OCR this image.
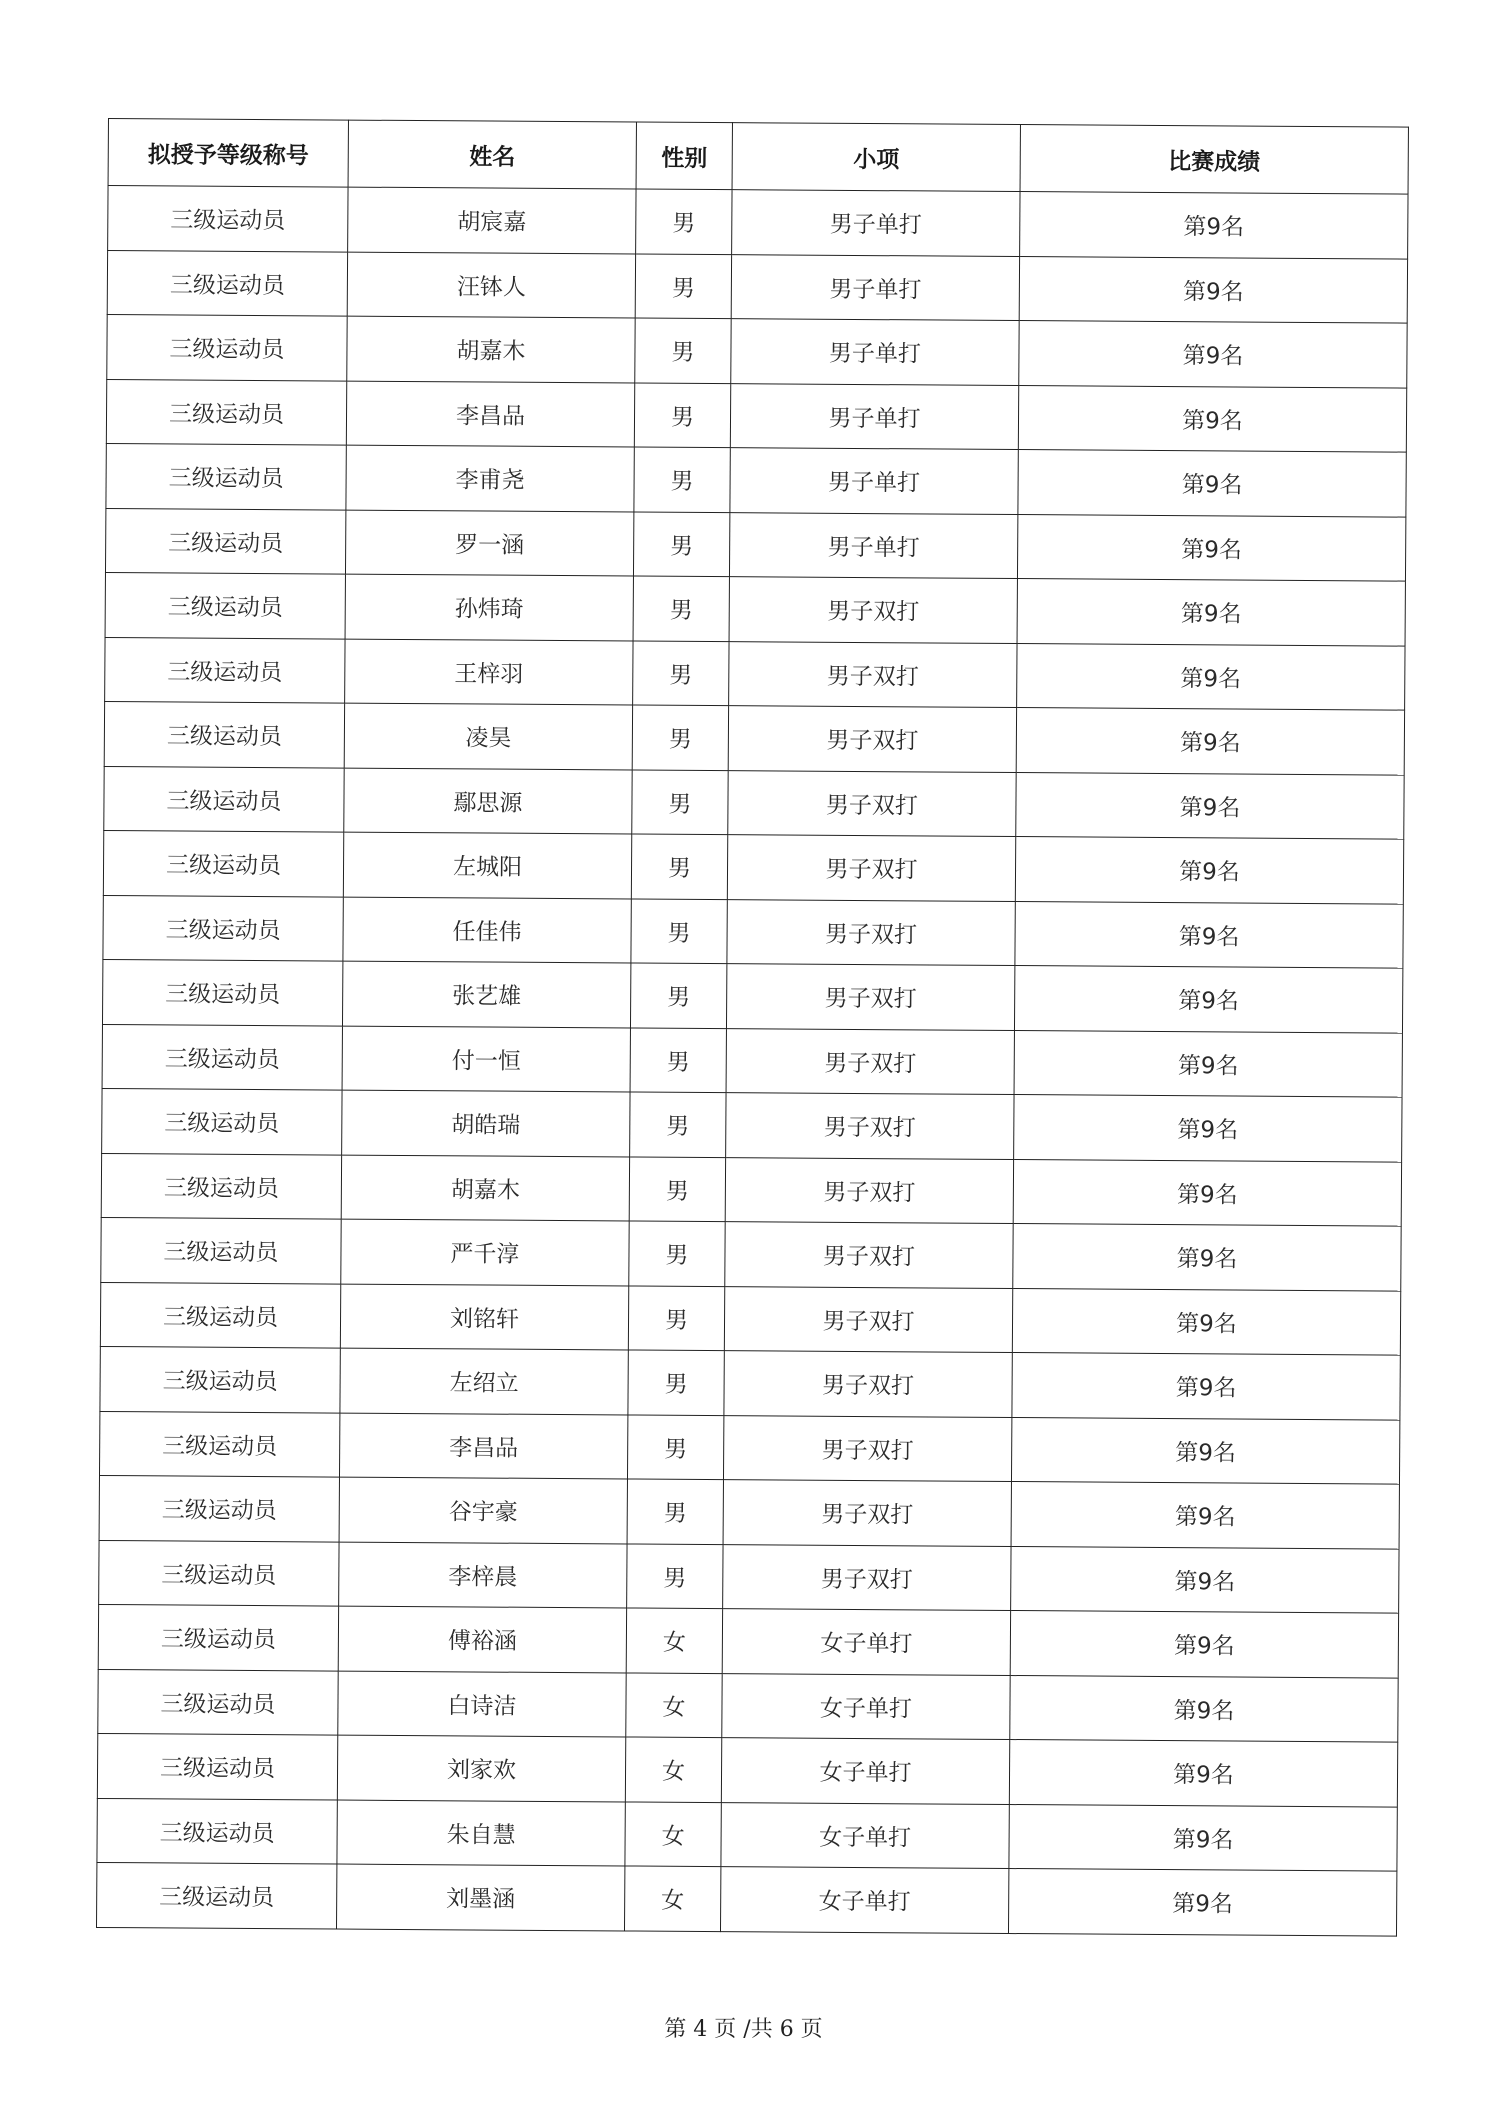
拟授予等级称号	姓名	性别	小项	比赛成绩
三级运动员	胡宸嘉	男	男子单打	第9名
三级运动员	汪钵人	男	男子单打	第9名
三级运动员	胡嘉木	男	男子单打	第9名
三级运动员	李昌品	男	男子单打	第9名
三级运动员	李甫尧	男	男子单打	第9名
三级运动员	罗一涵	男	男子单打	第9名
三级运动员	孙炜琦	男	男子双打	第9名
三级运动员	王梓羽	男	男子双打	第9名
三级运动员	凌昊	男	男子双打	第9名
三级运动员	鄢思源	男	男子双打	第9名
三级运动员	左城阳	男	男子双打	第9名
三级运动员	任佳伟	男	男子双打	第9名
三级运动员	张艺雄	男	男子双打	第9名
三级运动员	付一恒	男	男子双打	第9名
三级运动员	胡皓瑞	男	男子双打	第9名
三级运动员	胡嘉木	男	男子双打	第9名
三级运动员	严千淳	男	男子双打	第9名
三级运动员	刘铭轩	男	男子双打	第9名
三级运动员	左绍立	男	男子双打	第9名
三级运动员	李昌品	男	男子双打	第9名
三级运动员	谷宇豪	男	男子双打	第9名
三级运动员	李梓晨	男	男子双打	第9名
三级运动员	傅裕涵	女	女子单打	第9名
三级运动员	白诗洁	女	女子单打	第9名
三级运动员	刘家欢	女	女子单打	第9名
三级运动员	朱自慧	女	女子单打	第9名
三级运动员	刘墨涵	女	女子单打	第9名
第 4 页 /共 6 页
